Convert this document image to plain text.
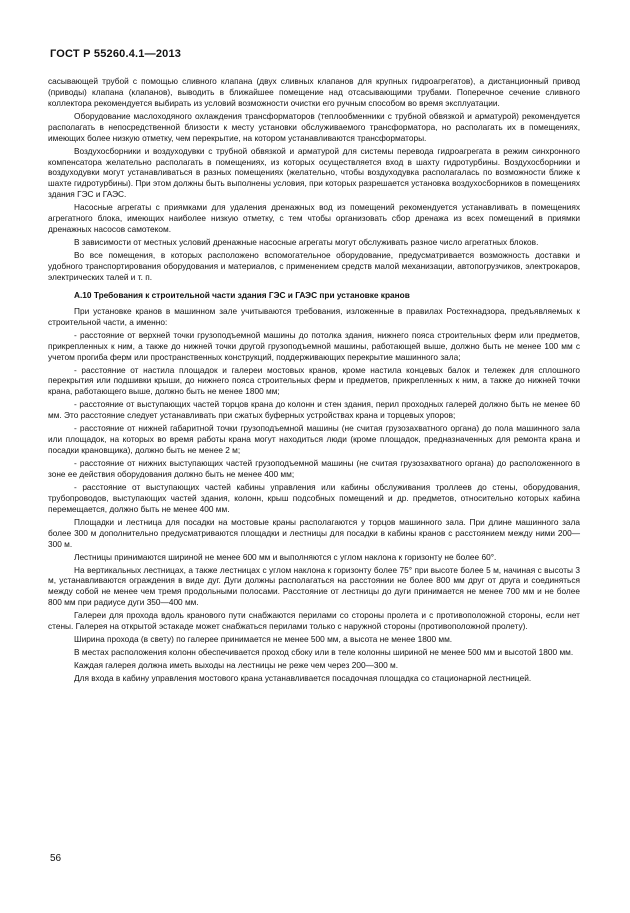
ГОСТ Р 55260.4.1—2013

сасывающей трубой с помощью сливного клапана (двух сливных клапанов для крупных гидроагрегатов), а дистанционный привод (приводы) клапана (клапанов), выводить в ближайшее помещение над отсасывающими трубами. Поперечное сечение сливного коллектора рекомендуется выбирать из условий возможности очистки его ручным способом во время эксплуатации.

Оборудование маслоходяного охлаждения трансформаторов (теплообменники с трубной обвязкой и арматурой) рекомендуется располагать в непосредственной близости к месту установки обслуживаемого трансформатора, но располагать их в помещениях, имеющих более низкую отметку, чем перекрытие, на котором устанавливаются трансформаторы.

Воздухосборники и воздуходувки с трубной обвязкой и арматурой для системы перевода гидроагрегата в режим синхронного компенсатора желательно располагать в помещениях, из которых осуществляется вход в шахту гидротурбины. Воздухосборники и воздуходувки могут устанавливаться в разных помещениях (желательно, чтобы воздуходувка располагалась по возможности ближе к шахте гидротурбины). При этом должны быть выполнены условия, при которых разрешается установка воздухосборников в помещениях здания ГЭС и ГАЭС.

Насосные агрегаты с приямками для удаления дренажных вод из помещений рекомендуется устанавливать в помещениях агрегатного блока, имеющих наиболее низкую отметку, с тем чтобы организовать сбор дренажа из всех помещений в приямки дренажных насосов самотеком.

В зависимости от местных условий дренажные насосные агрегаты могут обслуживать разное число агрегатных блоков.

Во все помещения, в которых расположено вспомогательное оборудование, предусматривается возможность доставки и удобного транспортирования оборудования и материалов, с применением средств малой механизации, автопогрузчиков, электрокаров, электрических талей и т. п.

А.10 Требования к строительной части здания ГЭС и ГАЭС при установке кранов

При установке кранов в машинном зале учитываются требования, изложенные в правилах Ростехнадзора, предъявляемых к строительной части, а именно:

- расстояние от верхней точки грузоподъемной машины до потолка здания, нижнего пояса строительных ферм или предметов, прикрепленных к ним, а также до нижней точки другой грузоподъемной машины, работающей выше, должно быть не менее 100 мм с учетом прогиба ферм или пространственных конструкций, поддерживающих перекрытие машинного зала;

- расстояние от настила площадок и галереи мостовых кранов, кроме настила концевых балок и тележек для сплошного перекрытия или подшивки крыши, до нижнего пояса строительных ферм и предметов, прикрепленных к ним, а также до нижней точки крана, работающего выше, должно быть не менее 1800 мм;

- расстояние от выступающих частей торцов крана до колонн и стен здания, перил проходных галерей должно быть не менее 60 мм. Это расстояние следует устанавливать при сжатых буферных устройствах крана и торцевых упоров;

- расстояние от нижней габаритной точки грузоподъемной машины (не считая грузозахватного органа) до пола машинного зала или площадок, на которых во время работы крана могут находиться люди (кроме площадок, предназначенных для ремонта крана и посадки крановщика), должно быть не менее 2 м;

- расстояние от нижних выступающих частей грузоподъемной машины (не считая грузозахватного органа) до расположенного в зоне ее действия оборудования должно быть не менее 400 мм;

- расстояние от выступающих частей кабины управления или кабины обслуживания троллеев до стены, оборудования, трубопроводов, выступающих частей здания, колонн, крыш подсобных помещений и др. предметов, относительно которых кабина перемещается, должно быть не менее 400 мм.

Площадки и лестница для посадки на мостовые краны располагаются у торцов машинного зала. При длине машинного зала более 300 м дополнительно предусматриваются площадки и лестницы для посадки в кабины кранов с расстоянием между ними 200—300 м.

Лестницы принимаются шириной не менее 600 мм и выполняются с углом наклона к горизонту не более 60°.

На вертикальных лестницах, а также лестницах с углом наклона к горизонту более 75° при высоте более 5 м, начиная с высоты 3 м, устанавливаются ограждения в виде дуг. Дуги должны располагаться на расстоянии не более 800 мм друг от друга и соединяться между собой не менее чем тремя продольными полосами. Расстояние от лестницы до дуги принимается не менее 700 мм и не более 800 мм при радиусе дуги 350—400 мм.

Галереи для прохода вдоль кранового пути снабжаются перилами со стороны пролета и с противоположной стороны, если нет стены. Галерея на открытой эстакаде может снабжаться перилами только с наружной стороны (противоположной пролету).

Ширина прохода (в свету) по галерее принимается не менее 500 мм, а высота не менее 1800 мм.

В местах расположения колонн обеспечивается проход сбоку или в теле колонны шириной не менее 500 мм и высотой 1800 мм.

Каждая галерея должна иметь выходы на лестницы не реже чем через 200—300 м.

Для входа в кабину управления мостового крана устанавливается посадочная площадка со стационарной лестницей.

56
